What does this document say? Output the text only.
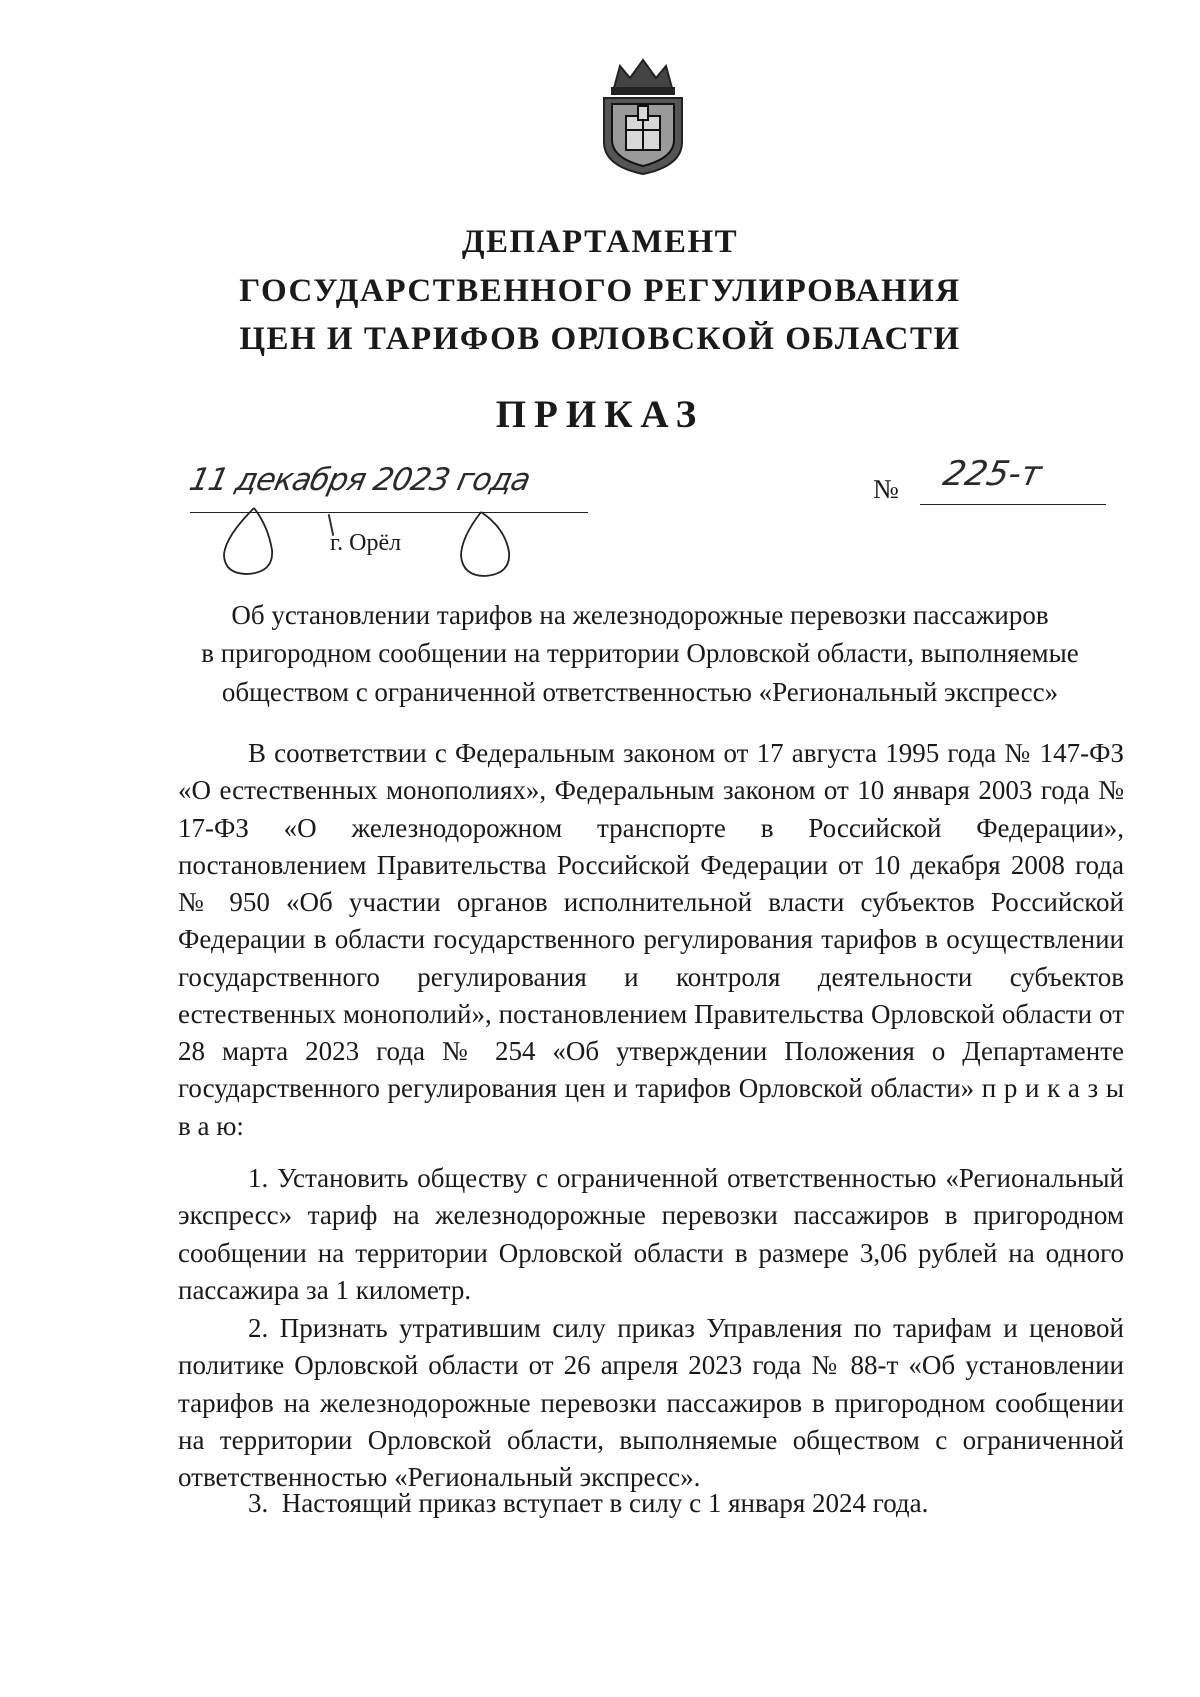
ДЕПАРТАМЕНТ
ГОСУДАРСТВЕННОГО РЕГУЛИРОВАНИЯ
ЦЕН И ТАРИФОВ ОРЛОВСКОЙ ОБЛАСТИ
ПРИКАЗ
11 декабря 2023 года	№ 225-т
г. Орёл
Об установлении тарифов на железнодорожные перевозки пассажиров
в пригородном сообщении на территории Орловской области, выполняемые
обществом с ограниченной ответственностью «Региональный экспресс»

В соответствии с Федеральным законом от 17 августа 1995 года № 147-ФЗ «О естественных монополиях», Федеральным законом от 10 января 2003 года № 17-ФЗ «О железнодорожном транспорте в Российской Федерации», постановлением Правительства Российской Федерации от 10 декабря 2008 года № 950 «Об участии органов исполнительной власти субъектов Российской Федерации в области государственного регулирования тарифов в осуществлении государственного регулирования и контроля деятельности субъектов естественных монополий», постановлением Правительства Орловской области от 28 марта 2023 года № 254 «Об утверждении Положения о Департаменте государственного регулирования цен и тарифов Орловской области» п р и к а з ы в а ю:

1. Установить обществу с ограниченной ответственностью «Региональный экспресс» тариф на железнодорожные перевозки пассажиров в пригородном сообщении на территории Орловской области в размере 3,06 рублей на одного пассажира за 1 километр.

2. Признать утратившим силу приказ Управления по тарифам и ценовой политике Орловской области от 26 апреля 2023 года № 88-т «Об установлении тарифов на железнодорожные перевозки пассажиров в пригородном сообщении на территории Орловской области, выполняемые обществом с ограниченной ответственностью «Региональный экспресс».

3. Настоящий приказ вступает в силу с 1 января 2024 года.
